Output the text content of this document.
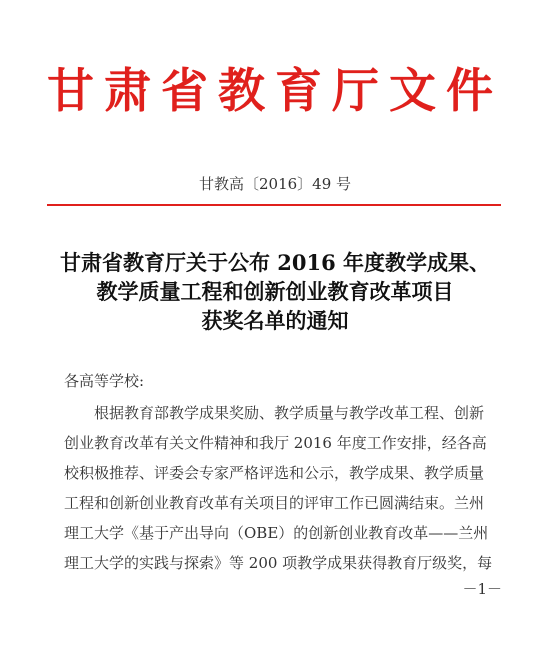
甘肃省教育厅文件
甘教高〔2016〕49 号
甘肃省教育厅关于公布 2016 年度教学成果、
教学质量工程和创新创业教育改革项目
获奖名单的通知
各高等学校:
根据教育部教学成果奖励、教学质量与教学改革工程、创新
创业教育改革有关文件精神和我厅 2016 年度工作安排，经各高
校积极推荐、评委会专家严格评选和公示，教学成果、教学质量
工程和创新创业教育改革有关项目的评审工作已圆满结束。兰州
理工大学《基于产出导向（OBE）的创新创业教育改革——兰州
理工大学的实践与探索》等 200 项教学成果获得教育厅级奖，每
－1－
